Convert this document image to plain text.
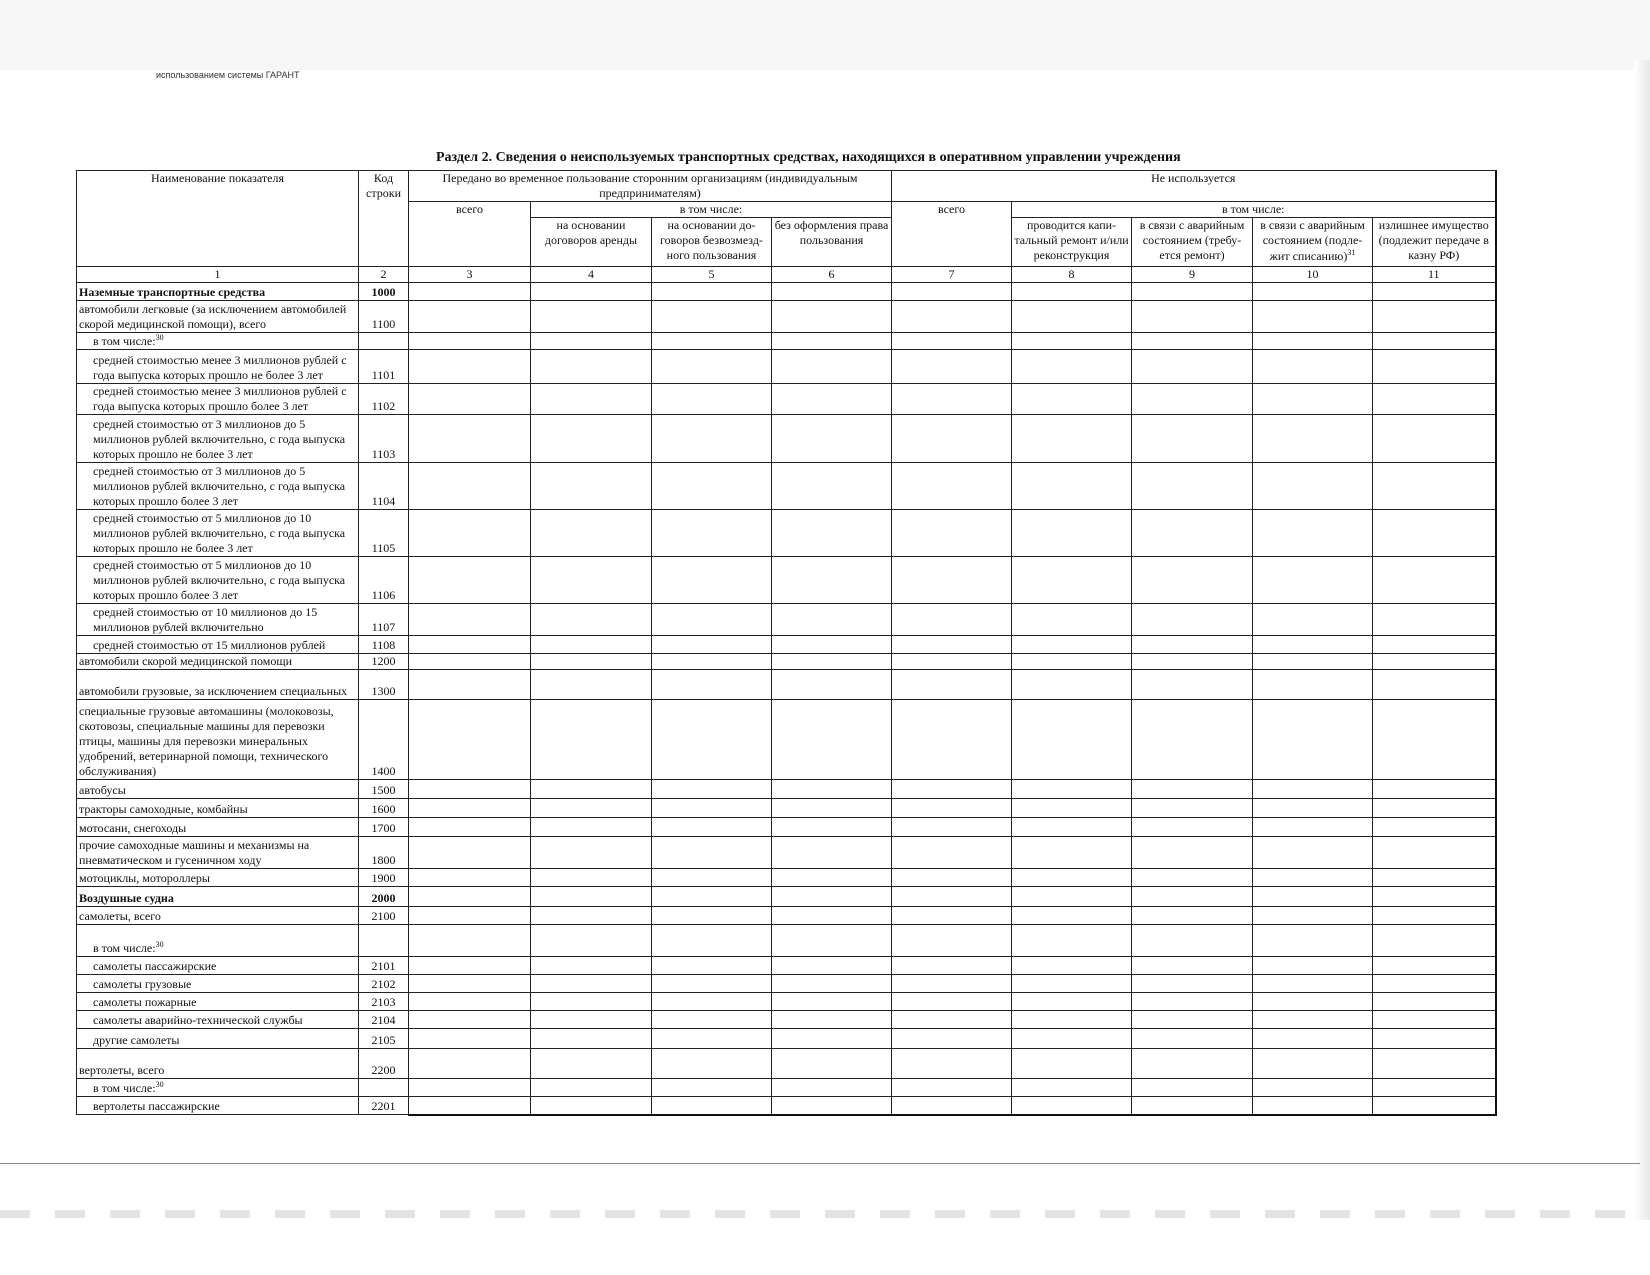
использованием системы ГАРАНТ
Раздел 2. Сведения о неиспользуемых транспортных средствах, находящихся в оперативном управлении учреждения
Наименование показателя	Код строки	Передано во временное пользование сторонним организациям (индивидуальным предпринимателям)				Не используется				
		всего	в том числе:			всего	в том числе:			
			на основании договоров аренды	на основании до-говоров безвозмезд-ного пользования	без оформления права пользования		проводится капи-тальный ремонт и/или реконструкция	в связи с аварийным состоянием (требу-ется ремонт)	в связи с аварийным состоянием (подле-жит списанию)$^{31}$	излишнее имущество (подлежит передаче в казну РФ)
1	2	3	4	5	6	7	8	9	10	11
Наземные транспортные средства	1000									
автомобили легковые (за исключением автомобилей скорой медицинской помощи), всего	1100									
в том числе:$^{30}$										
средней стоимостью менее 3 миллионов рублей с года выпуска которых прошло не более 3 лет	1101									
средней стоимостью менее 3 миллионов рублей с года выпуска которых прошло более 3 лет	1102									
средней стоимостью от 3 миллионов до 5 миллионов рублей включительно, с года выпуска которых прошло не более 3 лет	1103									
средней стоимостью от 3 миллионов до 5 миллионов рублей включительно, с года выпуска которых прошло более 3 лет	1104									
средней стоимостью от 5 миллионов до 10 миллионов рублей включительно, с года выпуска которых прошло не более 3 лет	1105									
средней стоимостью от 5 миллионов до 10 миллионов рублей включительно, с года выпуска которых прошло более 3 лет	1106									
средней стоимостью от 10 миллионов до 15 миллионов рублей включительно	1107									
средней стоимостью от 15 миллионов рублей	1108									
автомобили скорой медицинской помощи	1200									
автомобили грузовые, за исключением специальных	1300									
специальные грузовые автомашины (молоковозы, скотовозы, специальные машины для перевозки птицы, машины для перевозки минеральных удобрений, ветеринарной помощи, технического обслуживания)	1400									
автобусы	1500									
тракторы самоходные, комбайны	1600									
мотосани, снегоходы	1700									
прочие самоходные машины и механизмы на пневматическом и гусеничном ходу	1800									
мотоциклы, мотороллеры	1900									
Воздушные судна	2000									
самолеты, всего	2100									
в том числе:$^{30}$										
самолеты пассажирские	2101									
самолеты грузовые	2102									
самолеты пожарные	2103									
самолеты аварийно-технической службы	2104									
другие самолеты	2105									
вертолеты, всего	2200									
в том числе:$^{30}$										
вертолеты пассажирские	2201									
